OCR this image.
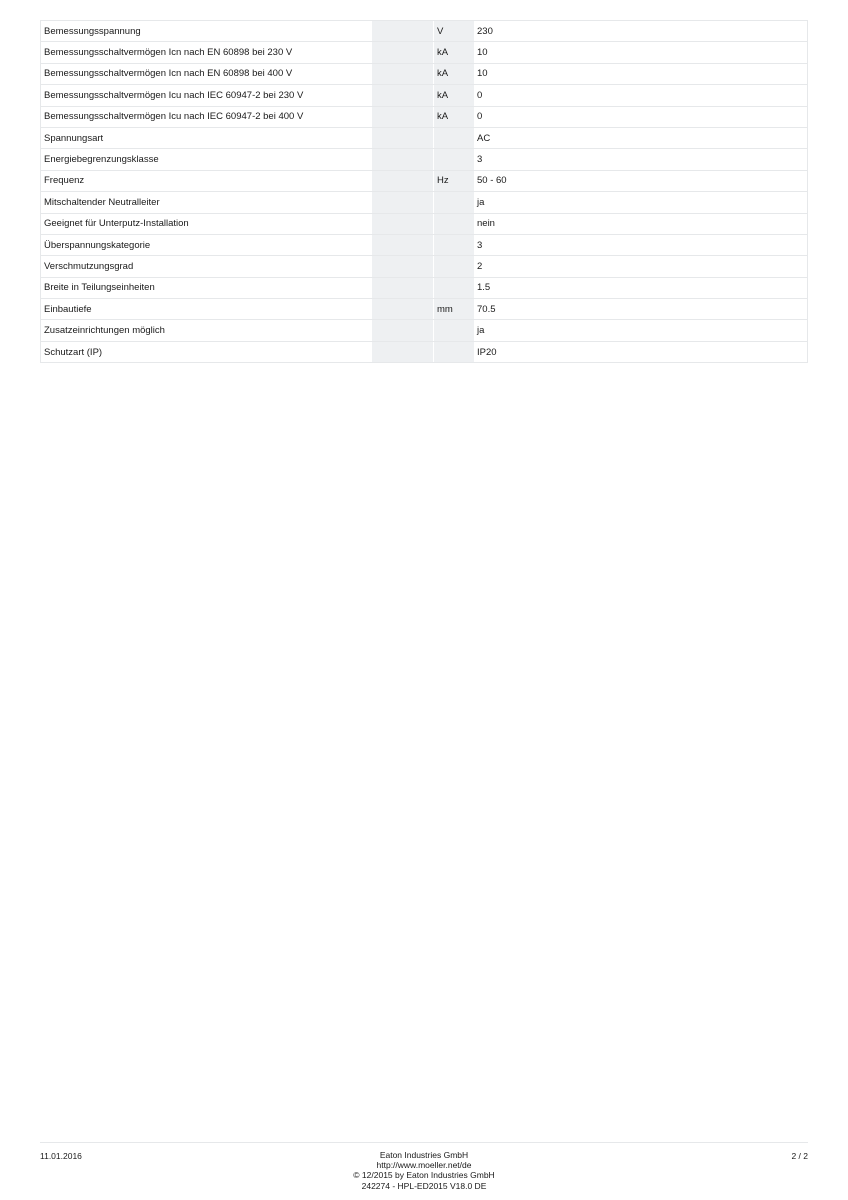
Bemessungsspannung		V	230
Bemessungsschaltvermögen Icn nach EN 60898 bei 230 V		kA	10
Bemessungsschaltvermögen Icn nach EN 60898 bei 400 V		kA	10
Bemessungsschaltvermögen Icu nach IEC 60947-2 bei 230 V		kA	0
Bemessungsschaltvermögen Icu nach IEC 60947-2 bei 400 V		kA	0
Spannungsart			AC
Energiebegrenzungsklasse			3
Frequenz		Hz	50 - 60
Mitschaltender Neutralleiter			ja
Geeignet für Unterputz-Installation			nein
Überspannungskategorie			3
Verschmutzungsgrad			2
Breite in Teilungseinheiten			1.5
Einbautiefe		mm	70.5
Zusatzeinrichtungen möglich			ja
Schutzart (IP)			IP20
11.01.2016	Eaton Industries GmbH
http://www.moeller.net/de
© 12/2015 by Eaton Industries GmbH
242274 - HPL-ED2015 V18.0 DE
2 / 2
